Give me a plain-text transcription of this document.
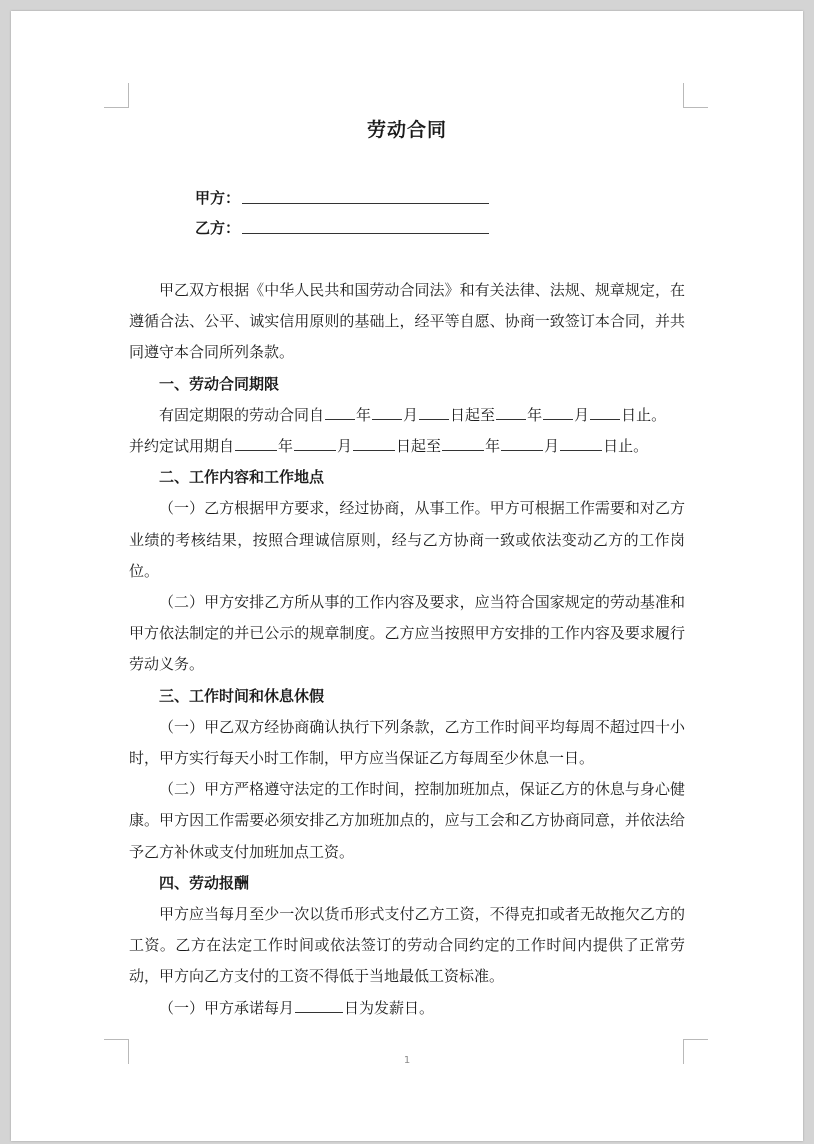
劳动合同
甲方：
乙方：

甲乙双方根据《中华人民共和国劳动合同法》和有关法律、法规、规章规定，在遵循合法、公平、诚实信用原则的基础上，经平等自愿、协商一致签订本合同，并共同遵守本合同所列条款。

一、劳动合同期限

有固定期限的劳动合同自 年 月 日起至 年 月 日止。

并约定试用期自	年	月	日起至	年	月	日止。

二、工作内容和工作地点

（一）乙方根据甲方要求，经过协商，从事工作。甲方可根据工作需要和对乙方业绩的考核结果，按照合理诚信原则，经与乙方协商一致或依法变动乙方的工作岗位。

（二）甲方安排乙方所从事的工作内容及要求，应当符合国家规定的劳动基准和甲方依法制定的并已公示的规章制度。乙方应当按照甲方安排的工作内容及要求履行劳动义务。

三、工作时间和休息休假

（一）甲乙双方经协商确认执行下列条款，乙方工作时间平均每周不超过四十小时，甲方实行每天小时工作制，甲方应当保证乙方每周至少休息一日。

（二）甲方严格遵守法定的工作时间，控制加班加点，保证乙方的休息与身心健康。甲方因工作需要必须安排乙方加班加点的，应与工会和乙方协商同意，并依法给予乙方补休或支付加班加点工资。

四、劳动报酬

甲方应当每月至少一次以货币形式支付乙方工资，不得克扣或者无故拖欠乙方的工资。乙方在法定工作时间或依法签订的劳动合同约定的工作时间内提供了正常劳动，甲方向乙方支付的工资不得低于当地最低工资标准。

（一）甲方承诺每月	日为发薪日。

1
